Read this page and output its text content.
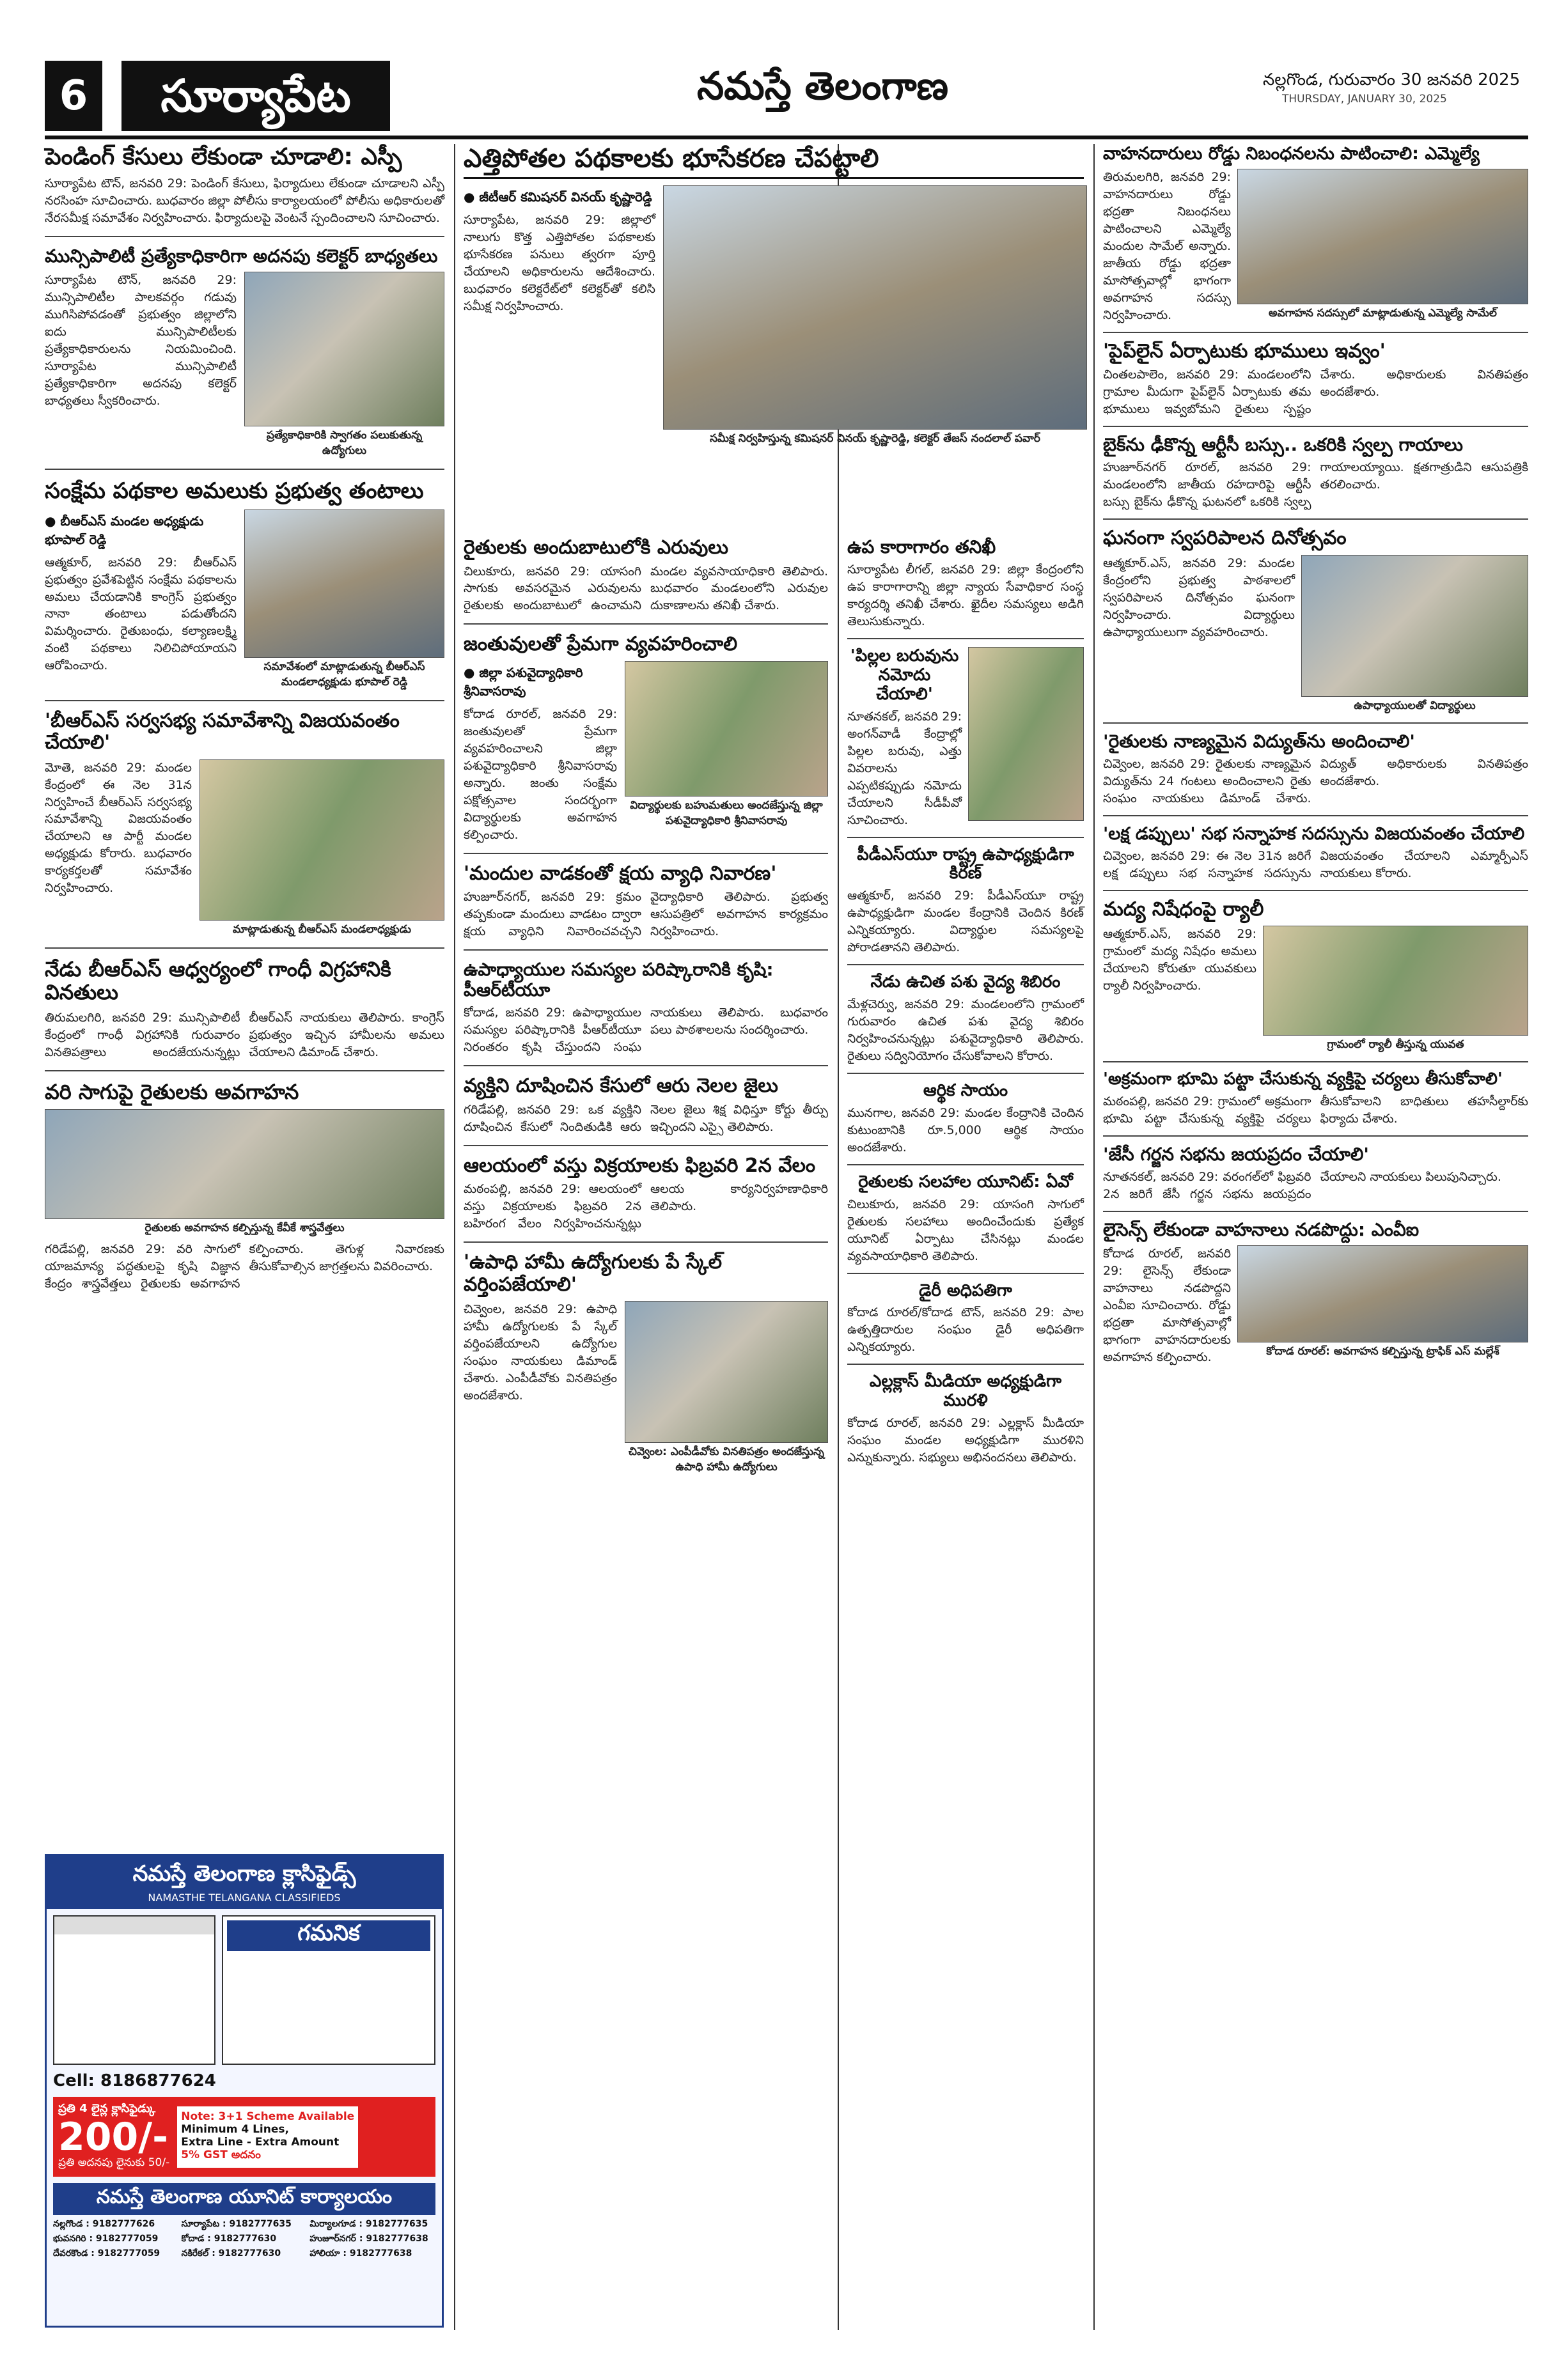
6	సూర్యాపేట	నమస్తే తెలంగాణ	నల్లగొండ, గురువారం 30 జనవరి 2025
THURSDAY, JANUARY 30, 2025
పెండింగ్ కేసులు లేకుండా చూడాలి: ఎస్పీ
సూర్యాపేట టౌన్, జనవరి 29: పెండింగ్ కేసులు, ఫిర్యాదులు లేకుండా చూడాలని ఎస్పీ నరసింహ సూచించారు. బుధవారం జిల్లా పోలీసు కార్యాలయంలో పోలీసు అధికారులతో నేరసమీక్ష సమావేశం నిర్వహించారు. ఫిర్యాదులపై వెంటనే స్పందించాలని సూచించారు.
మున్సిపాలిటీ ప్రత్యేకాధికారిగా అదనపు కలెక్టర్ బాధ్యతలు
సూర్యాపేట టౌన్, జనవరి 29: మున్సిపాలిటీల పాలకవర్గం గడువు ముగిసిపోవడంతో ప్రభుత్వం జిల్లాలోని ఐదు మున్సిపాలిటీలకు ప్రత్యేకాధికారులను నియమించింది. సూర్యాపేట మున్సిపాలిటీ ప్రత్యేకాధికారిగా అదనపు కలెక్టర్ బాధ్యతలు స్వీకరించారు.
ప్రత్యేకాధికారికి స్వాగతం పలుకుతున్న ఉద్యోగులు
సంక్షేమ పథకాల అమలుకు ప్రభుత్వ తంటాలు
● బీఆర్ఎస్ మండల అధ్యక్షుడు భూపాల్ రెడ్డి
ఆత్మకూర్, జనవరి 29: బీఆర్ఎస్ ప్రభుత్వం ప్రవేశపెట్టిన సంక్షేమ పథకాలను అమలు చేయడానికి కాంగ్రెస్ ప్రభుత్వం నానా తంటాలు పడుతోందని విమర్శించారు. రైతుబంధు, కల్యాణలక్ష్మి వంటి పథకాలు నిలిచిపోయాయని ఆరోపించారు.	సమావేశంలో మాట్లాడుతున్న బీఆర్ఎస్ మండలాధ్యక్షుడు భూపాల్ రెడ్డి
'బీఆర్ఎస్ సర్వసభ్య సమావేశాన్ని విజయవంతం చేయాలి'
మోతె, జనవరి 29: మండల కేంద్రంలో ఈ నెల 31న నిర్వహించే బీఆర్ఎస్ సర్వసభ్య సమావేశాన్ని విజయవంతం చేయాలని ఆ పార్టీ మండల అధ్యక్షుడు కోరారు. బుధవారం కార్యకర్తలతో సమావేశం నిర్వహించారు.
మాట్లాడుతున్న బీఆర్ఎస్ మండలాధ్యక్షుడు
నేడు బీఆర్ఎస్ ఆధ్వర్యంలో గాంధీ విగ్రహానికి వినతులు
తిరుమలగిరి, జనవరి 29: మున్సిపాలిటీ కేంద్రంలో గాంధీ విగ్రహానికి గురువారం వినతిపత్రాలు అందజేయనున్నట్లు బీఆర్ఎస్ నాయకులు తెలిపారు. కాంగ్రెస్ ప్రభుత్వం ఇచ్చిన హామీలను అమలు చేయాలని డిమాండ్ చేశారు.
వరి సాగుపై రైతులకు అవగాహన
రైతులకు అవగాహన కల్పిస్తున్న కేవీకే శాస్త్రవేత్తలు
గరిడేపల్లి, జనవరి 29: వరి సాగులో యాజమాన్య పద్ధతులపై కృషి విజ్ఞాన కేంద్రం శాస్త్రవేత్తలు రైతులకు అవగాహన కల్పించారు. తెగుళ్ల నివారణకు తీసుకోవాల్సిన జాగ్రత్తలను వివరించారు.
నమస్తే తెలంగాణ క్లాసిఫైడ్స్
NAMASTHE TELANGANA CLASSIFIEDS
గమనిక
Cell: 8186877624
ప్రతి 4 లైన్ల క్లాసిఫైడ్కు
200/-
ప్రతి అదనపు లైనుకు 50/-
Note: 3+1 Scheme Available
Minimum 4 Lines,
Extra Line - Extra Amount
5% GST అదనం
నమస్తే తెలంగాణ యూనిట్ కార్యాలయం
నల్లగొండ : 9182777626	సూర్యాపేట : 9182777635	మిర్యాలగూడ : 9182777635
భువనగిరి : 9182777059	కోదాడ : 9182777630	హుజూర్‌నగర్ : 9182777638
దేవరకొండ : 9182777059	నకిరేకల్ : 9182777630	హాలియా : 9182777638
ఎత్తిపోతల పథకాలకు భూసేకరణ చేపట్టాలి
● జీటీఆర్ కమిషనర్ వినయ్ కృష్ణారెడ్డి
సూర్యాపేట, జనవరి 29: జిల్లాలో నాలుగు కొత్త ఎత్తిపోతల పథకాలకు భూసేకరణ పనులు త్వరగా పూర్తి చేయాలని అధికారులను ఆదేశించారు. బుధవారం కలెక్టరేట్‌లో కలెక్టర్‌తో కలిసి సమీక్ష నిర్వహించారు.
సమీక్ష నిర్వహిస్తున్న కమిషనర్ వినయ్ కృష్ణారెడ్డి, కలెక్టర్ తేజస్ నందలాల్ పవార్
రైతులకు అందుబాటులోకి ఎరువులు
చిలుకూరు, జనవరి 29: యాసంగి సాగుకు అవసరమైన ఎరువులను రైతులకు అందుబాటులో ఉంచామని మండల వ్యవసాయాధికారి తెలిపారు. బుధవారం మండలంలోని ఎరువుల దుకాణాలను తనిఖీ చేశారు.
జంతువులతో ప్రేమగా వ్యవహరించాలి
● జిల్లా పశువైద్యాధికారి శ్రీనివాసరావు
కోదాడ రూరల్, జనవరి 29: జంతువులతో ప్రేమగా వ్యవహరించాలని జిల్లా పశువైద్యాధికారి శ్రీనివాసరావు అన్నారు. జంతు సంక్షేమ పక్షోత్సవాల సందర్భంగా విద్యార్థులకు అవగాహన కల్పించారు.
విద్యార్థులకు బహుమతులు అందజేస్తున్న జిల్లా పశువైద్యాధికారి శ్రీనివాసరావు
'మందుల వాడకంతో క్షయ వ్యాధి నివారణ'
హుజూర్‌నగర్, జనవరి 29: క్రమం తప్పకుండా మందులు వాడటం ద్వారా క్షయ వ్యాధిని నివారించవచ్చని వైద్యాధికారి తెలిపారు. ప్రభుత్వ ఆసుపత్రిలో అవగాహన కార్యక్రమం నిర్వహించారు.
ఉపాధ్యాయుల సమస్యల పరిష్కారానికి కృషి: పీఆర్‌టీయూ
కోదాడ, జనవరి 29: ఉపాధ్యాయుల సమస్యల పరిష్కారానికి పీఆర్‌టీయూ నిరంతరం కృషి చేస్తుందని సంఘ నాయకులు తెలిపారు. బుధవారం పలు పాఠశాలలను సందర్శించారు.
వ్యక్తిని దూషించిన కేసులో ఆరు నెలల జైలు
గరిడేపల్లి, జనవరి 29: ఒక వ్యక్తిని దూషించిన కేసులో నిందితుడికి ఆరు నెలల జైలు శిక్ష విధిస్తూ కోర్టు తీర్పు ఇచ్చిందని ఎస్సై తెలిపారు.
ఆలయంలో వస్తు విక్రయాలకు ఫిబ్రవరి 2న వేలం
మఠంపల్లి, జనవరి 29: ఆలయంలో వస్తు విక్రయాలకు ఫిబ్రవరి 2న బహిరంగ వేలం నిర్వహించనున్నట్లు ఆలయ కార్యనిర్వహణాధికారి తెలిపారు.
'ఉపాధి హామీ ఉద్యోగులకు పే స్కేల్ వర్తింపజేయాలి'
చివ్వెంల, జనవరి 29: ఉపాధి హామీ ఉద్యోగులకు పే స్కేల్ వర్తింపజేయాలని ఉద్యోగుల సంఘం నాయకులు డిమాండ్ చేశారు. ఎంపీడీవోకు వినతిపత్రం అందజేశారు.
చివ్వెంల: ఎంపీడీవోకు వినతిపత్రం అందజేస్తున్న ఉపాధి హామీ ఉద్యోగులు
ఉప కారాగారం తనిఖీ
సూర్యాపేట లీగల్, జనవరి 29: జిల్లా కేంద్రంలోని ఉప కారాగారాన్ని జిల్లా న్యాయ సేవాధికార సంస్థ కార్యదర్శి తనిఖీ చేశారు. ఖైదీల సమస్యలు అడిగి తెలుసుకున్నారు.
'పిల్లల బరువును నమోదు చేయాలి'
నూతనకల్, జనవరి 29: అంగన్‌వాడీ కేంద్రాల్లో పిల్లల బరువు, ఎత్తు వివరాలను ఎప్పటికప్పుడు నమోదు చేయాలని సీడీపీవో సూచించారు.
పీడీఎస్‌యూ రాష్ట్ర ఉపాధ్యక్షుడిగా కిరణ్
ఆత్మకూర్, జనవరి 29: పీడీఎస్‌యూ రాష్ట్ర ఉపాధ్యక్షుడిగా మండల కేంద్రానికి చెందిన కిరణ్ ఎన్నికయ్యారు. విద్యార్థుల సమస్యలపై పోరాడతానని తెలిపారు.
నేడు ఉచిత పశు వైద్య శిబిరం
మేళ్లచెర్వు, జనవరి 29: మండలంలోని గ్రామంలో గురువారం ఉచిత పశు వైద్య శిబిరం నిర్వహించనున్నట్లు పశువైద్యాధికారి తెలిపారు. రైతులు సద్వినియోగం చేసుకోవాలని కోరారు.
ఆర్థిక సాయం
మునగాల, జనవరి 29: మండల కేంద్రానికి చెందిన కుటుంబానికి రూ.5,000 ఆర్థిక సాయం అందజేశారు.
రైతులకు సలహాల యూనిట్: ఏవో
చిలుకూరు, జనవరి 29: యాసంగి సాగులో రైతులకు సలహాలు అందించేందుకు ప్రత్యేక యూనిట్ ఏర్పాటు చేసినట్లు మండల వ్యవసాయాధికారి తెలిపారు.
డైరీ అధిపతిగా
కోదాడ రూరల్/కోదాడ టౌన్, జనవరి 29: పాల ఉత్పత్తిదారుల సంఘం డైరీ అధిపతిగా ఎన్నికయ్యారు.
ఎల్లక్లాస్ మీడియా అధ్యక్షుడిగా మురళి
కోదాడ రూరల్, జనవరి 29: ఎల్లక్లాస్ మీడియా సంఘం మండల అధ్యక్షుడిగా మురళిని ఎన్నుకున్నారు. సభ్యులు అభినందనలు తెలిపారు.
వాహనదారులు రోడ్డు నిబంధనలను పాటించాలి: ఎమ్మెల్యే
తిరుమలగిరి, జనవరి 29: వాహనదారులు రోడ్డు భద్రతా నిబంధనలు పాటించాలని ఎమ్మెల్యే మందుల సామేల్ అన్నారు. జాతీయ రోడ్డు భద్రతా మాసోత్సవాల్లో భాగంగా అవగాహన సదస్సు నిర్వహించారు.	అవగాహన సదస్సులో మాట్లాడుతున్న ఎమ్మెల్యే సామేల్
'పైప్‌లైన్ ఏర్పాటుకు భూములు ఇవ్వం'
చింతలపాలెం, జనవరి 29: మండలంలోని గ్రామాల మీదుగా పైప్‌లైన్ ఏర్పాటుకు తమ భూములు ఇవ్వబోమని రైతులు స్పష్టం చేశారు. అధికారులకు వినతిపత్రం అందజేశారు.
బైక్‌ను ఢీకొన్న ఆర్టీసీ బస్సు.. ఒకరికి స్వల్ప గాయాలు
హుజూర్‌నగర్ రూరల్, జనవరి 29: మండలంలోని జాతీయ రహదారిపై ఆర్టీసీ బస్సు బైక్‌ను ఢీకొన్న ఘటనలో ఒకరికి స్వల్ప గాయాలయ్యాయి. క్షతగాత్రుడిని ఆసుపత్రికి తరలించారు.
ఘనంగా స్వపరిపాలన దినోత్సవం
ఆత్మకూర్.ఎస్, జనవరి 29: మండల కేంద్రంలోని ప్రభుత్వ పాఠశాలలో స్వపరిపాలన దినోత్సవం ఘనంగా నిర్వహించారు. విద్యార్థులు ఉపాధ్యాయులుగా వ్యవహరించారు.
ఉపాధ్యాయులతో విద్యార్థులు
'రైతులకు నాణ్యమైన విద్యుత్‌ను అందించాలి'
చివ్వెంల, జనవరి 29: రైతులకు నాణ్యమైన విద్యుత్‌ను 24 గంటలు అందించాలని రైతు సంఘం నాయకులు డిమాండ్ చేశారు. విద్యుత్ అధికారులకు వినతిపత్రం అందజేశారు.
'లక్ష డప్పులు' సభ సన్నాహక సదస్సును విజయవంతం చేయాలి
చివ్వెంల, జనవరి 29: ఈ నెల 31న జరిగే లక్ష డప్పులు సభ సన్నాహక సదస్సును విజయవంతం చేయాలని ఎమ్మార్పీఎస్ నాయకులు కోరారు.
మద్య నిషేధంపై ర్యాలీ
ఆత్మకూర్.ఎస్, జనవరి 29: గ్రామంలో మద్య నిషేధం అమలు చేయాలని కోరుతూ యువకులు ర్యాలీ నిర్వహించారు.
గ్రామంలో ర్యాలీ తీస్తున్న యువత
'అక్రమంగా భూమి పట్టా చేసుకున్న వ్యక్తిపై చర్యలు తీసుకోవాలి'
మఠంపల్లి, జనవరి 29: గ్రామంలో అక్రమంగా భూమి పట్టా చేసుకున్న వ్యక్తిపై చర్యలు తీసుకోవాలని బాధితులు తహసీల్దార్‌కు ఫిర్యాదు చేశారు.
'జేసీ గర్జన సభను జయప్రదం చేయాలి'
నూతనకల్, జనవరి 29: వరంగల్‌లో ఫిబ్రవరి 2న జరిగే జేసీ గర్జన సభను జయప్రదం చేయాలని నాయకులు పిలుపునిచ్చారు.
లైసెన్స్ లేకుండా వాహనాలు నడపొద్దు: ఎంవీఐ
కోదాడ రూరల్, జనవరి 29: లైసెన్స్ లేకుండా వాహనాలు నడపొద్దని ఎంవీఐ సూచించారు. రోడ్డు భద్రతా మాసోత్సవాల్లో భాగంగా వాహనదారులకు అవగాహన కల్పించారు.	కోదాడ రూరల్: అవగాహన కల్పిస్తున్న ట్రాఫిక్ ఎస్ మల్లేశ్
